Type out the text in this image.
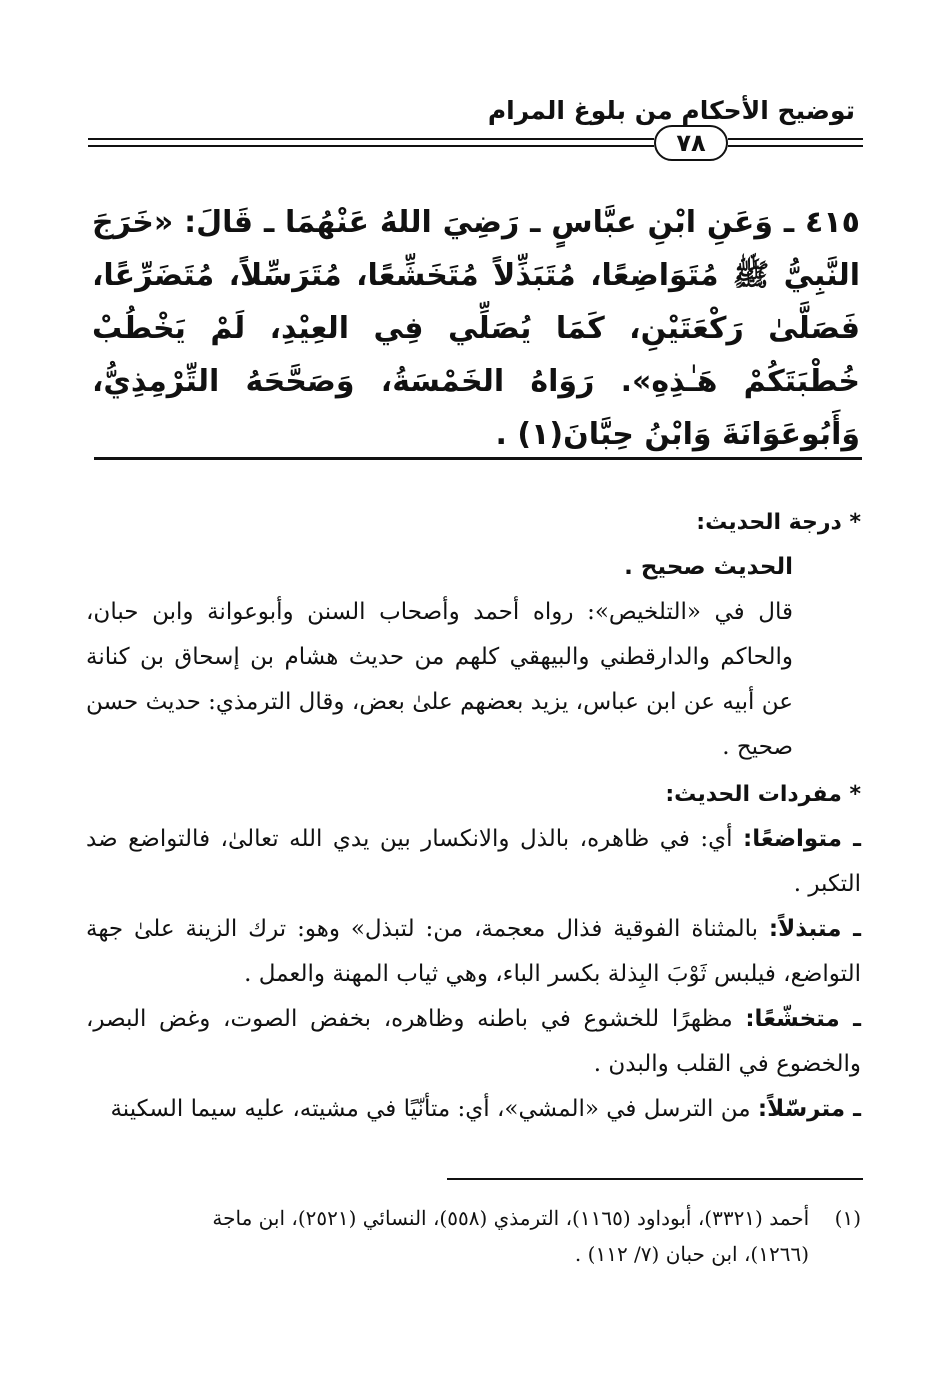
توضيح الأحكام من بلوغ المرام
٧٨
٤١٥ ـ وَعَنِ ابْنِ عبَّاسٍ ـ رَضِيَ اللهُ عَنْهُمَا ـ قَالَ: «خَرَجَ النَّبِيُّ ﷺ مُتَوَاضِعًا، مُتَبَذِّلاً مُتَخَشِّعًا، مُتَرَسِّلاً، مُتَضَرِّعًا، فَصَلَّىٰ رَكْعَتَيْنِ، كَمَا يُصَلِّي فِي العِيْدِ، لَمْ يَخْطُبْ خُطْبَتَكُمْ هَـٰذِهِ». رَوَاهُ الخَمْسَةُ، وَصَحَّحَهُ التِّرْمِذِيُّ، وَأَبُوعَوَانَةَ وَابْنُ حِبَّانَ(١) .

* درجة الحديث:

الحديث صحيح .

قال في «التلخيص»: رواه أحمد وأصحاب السنن وأبوعوانة وابن حبان، والحاكم والدارقطني والبيهقي كلهم من حديث هشام بن إسحاق بن كنانة عن أبيه عن ابن عباس، يزيد بعضهم علىٰ بعض، وقال الترمذي: حديث حسن صحيح .

* مفردات الحديث:

ـ متواضعًا: أي: في ظاهره، بالذل والانكسار بين يدي الله تعالىٰ، فالتواضع ضد التكبر .

ـ متبذلاً: بالمثناة الفوقية فذال معجمة، من: لتبذل» وهو: ترك الزينة علىٰ جهة التواضع، فيلبس ثَوْبَ البِذلة بكسر الباء، وهي ثياب المهنة والعمل .

ـ متخشّعًا: مظهرًا للخشوع في باطنه وظاهره، بخفض الصوت، وغض البصر، والخضوع في القلب والبدن .

ـ مترسّلاً: من الترسل في «المشي»، أي: متأنّيًا في مشيته، عليه سيما السكينة

(١)    أحمد (٣٣٢١)، أبوداود (١١٦٥)، الترمذي (٥٥٨)، النسائي (٢٥٢١)، ابن ماجة
(١٢٦٦)، ابن حبان (٧/ ١١٢) .
